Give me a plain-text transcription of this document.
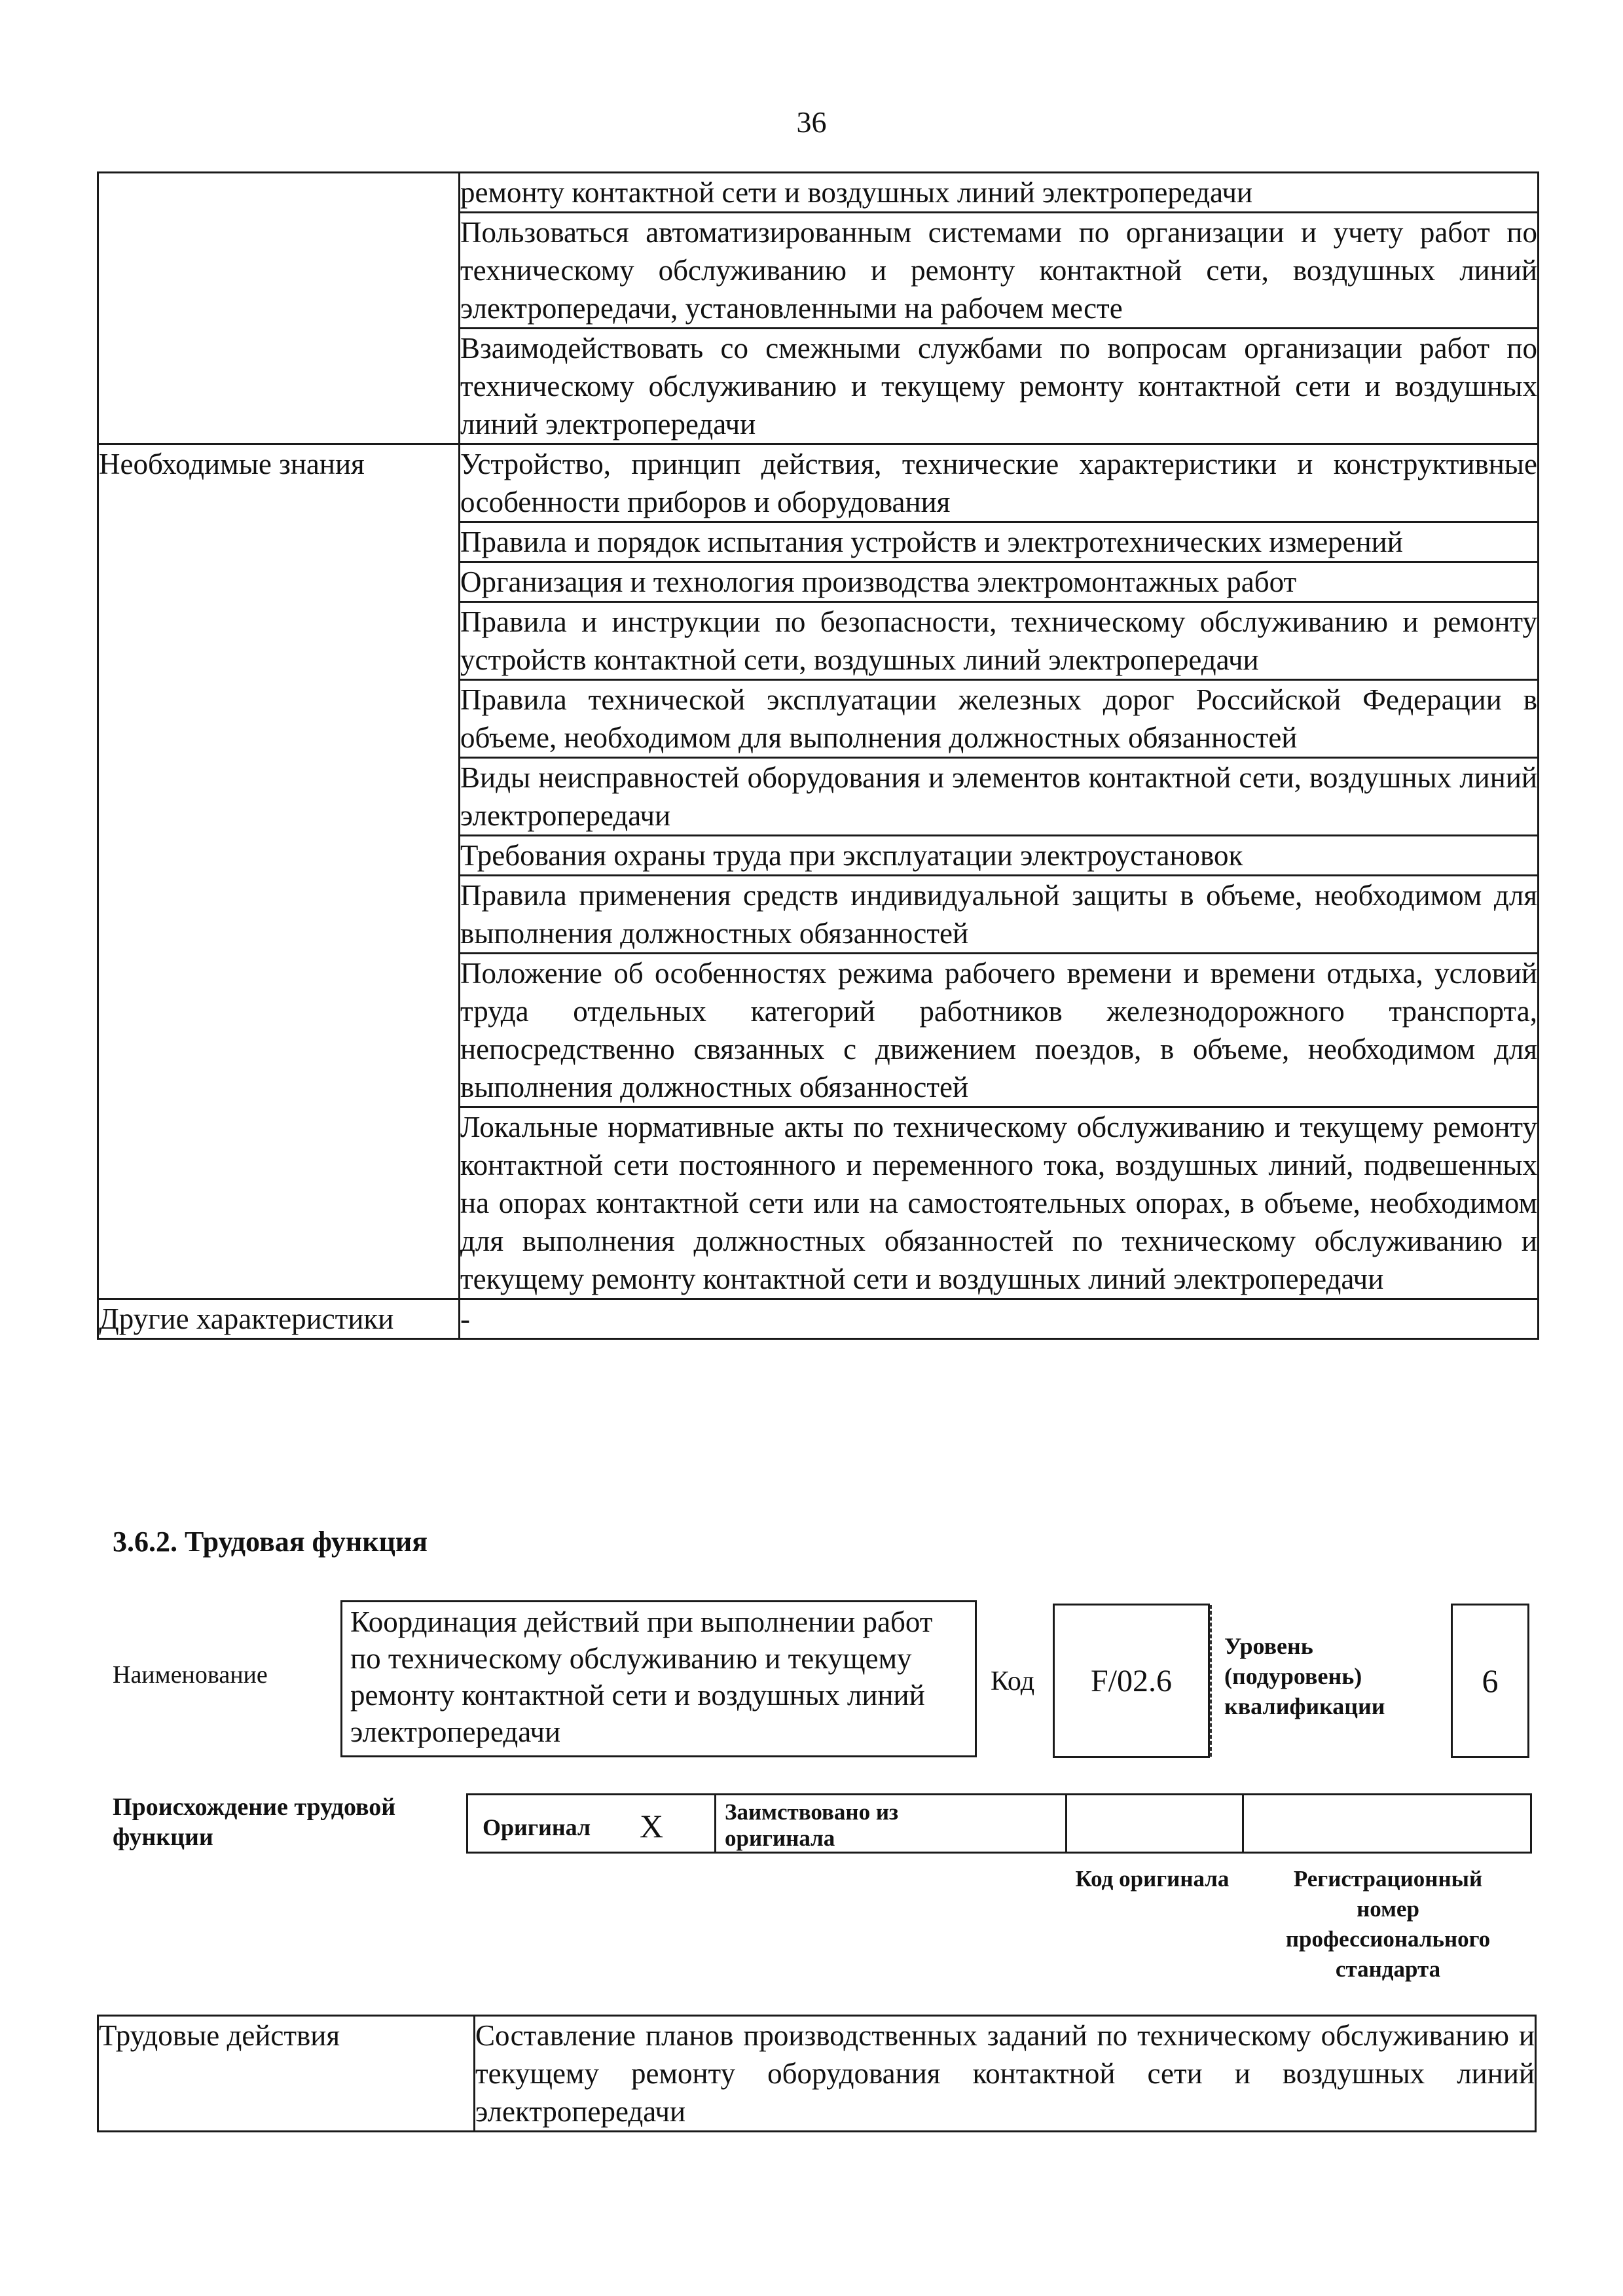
36
	ремонту контактной сети и воздушных линий электропередачи
	Пользоваться автоматизированным системами по организации и учету работ по техническому обслуживанию и ремонту контактной сети, воздушных линий электропередачи, установленными на рабочем месте
	Взаимодействовать со смежными службами по вопросам организации работ по техническому обслуживанию и текущему ремонту контактной сети и воздушных линий электропередачи
Необходимые знания	Устройство, принцип действия, технические характеристики и конструктивные особенности приборов и оборудования
	Правила и порядок испытания устройств и электротехнических измерений
	Организация и технология производства электромонтажных работ
	Правила и инструкции по безопасности, техническому обслуживанию и ремонту устройств контактной сети, воздушных линий электропередачи
	Правила технической эксплуатации железных дорог Российской Федерации в объеме, необходимом для выполнения должностных обязанностей
	Виды неисправностей оборудования и элементов контактной сети, воздушных линий электропередачи
	Требования охраны труда при эксплуатации электроустановок
	Правила применения средств индивидуальной защиты в объеме, необходимом для выполнения должностных обязанностей
	Положение об особенностях режима рабочего времени и времени отдыха, условий труда отдельных категорий работников железнодорожного транспорта, непосредственно связанных с движением поездов, в объеме, необходимом для выполнения должностных обязанностей
	Локальные нормативные акты по техническому обслуживанию и текущему ремонту контактной сети постоянного и переменного тока, воздушных линий, подвешенных на опорах контактной сети или на самостоятельных опорах, в объеме, необходимом для выполнения должностных обязанностей по техническому обслуживанию и текущему ремонту контактной сети и воздушных линий электропередачи
Другие характеристики	-
3.6.2. Трудовая функция
Наименование
Координация действий при выполнении работ по техническому обслуживанию и текущему ремонту контактной сети и воздушных линий электропередачи
Код F/02.6
Уровень (подуровень) квалификации
6
Происхождение трудовой функции	Оригинал X	Заимствовано из оригинала
Код оригинала	Регистрационный номер профессионального стандарта
Трудовые действия	Составление планов производственных заданий по техническому обслуживанию и текущему ремонту оборудования контактной сети и воздушных линий электропередачи
